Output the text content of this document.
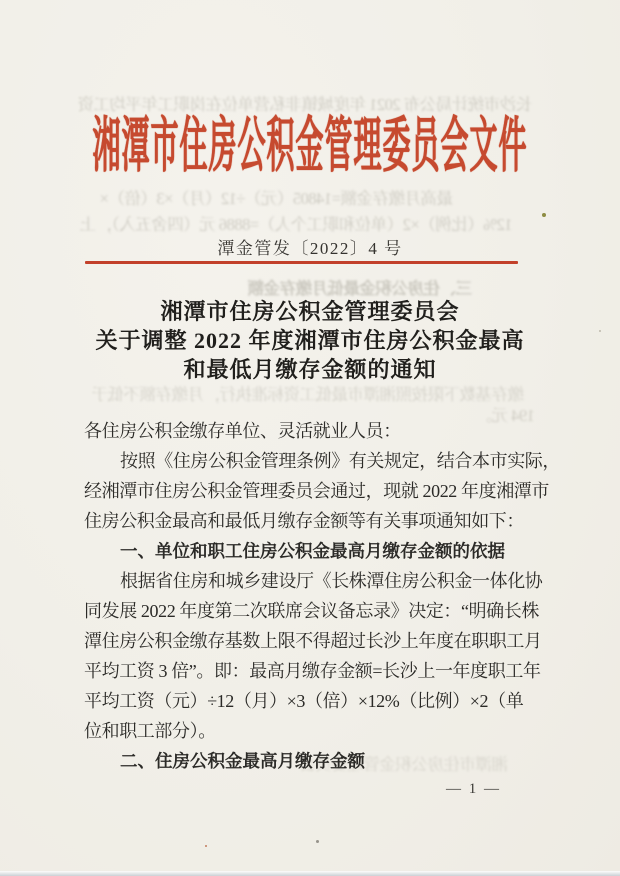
长沙市统计局公布 2021 年度城镇非私营单位在岗职工年平均工资
最高月缴存金额=14805（元）÷12（月）×3（倍）×
12%（比例）×2（单位和职工个人）=8886 元（四舍五入），上
三、住房公积金最低月缴存金额
缴存基数下限按照湘潭市最低工资标准执行，月缴存额不低于
194 元。
湘潭市住房公积金管理委员会
湘潭市住房公积金管理委员会文件
潭金管发〔2022〕4 号
湘潭市住房公积金管理委员会
关于调整 2022 年度湘潭市住房公积金最高
和最低月缴存金额的通知
各住房公积金缴存单位、灵活就业人员：
按照《住房公积金管理条例》有关规定，结合本市实际，
经湘潭市住房公积金管理委员会通过，现就 2022 年度湘潭市
住房公积金最高和最低月缴存金额等有关事项通知如下：
一、单位和职工住房公积金最高月缴存金额的依据
根据省住房和城乡建设厅《长株潭住房公积金一体化协
同发展 2022 年度第二次联席会议备忘录》决定：“明确长株
潭住房公积金缴存基数上限不得超过长沙上年度在职职工月
平均工资 3 倍”。即：最高月缴存金额=长沙上一年度职工年
平均工资（元）÷12（月）×3（倍）×12%（比例）×2（单
位和职工部分）。
二、住房公积金最高月缴存金额
— 1 —
